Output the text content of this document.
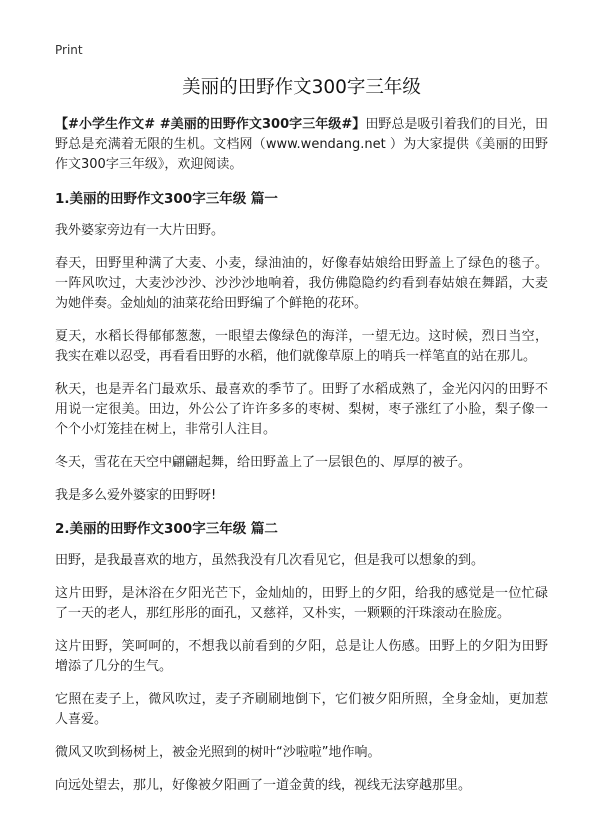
Print
美丽的田野作文300字三年级

【#小学生作文# #美丽的田野作文300字三年级#】田野总是吸引着我们的目光，田野总是充满着无限的生机。文档网（www.wendang.net ）为大家提供《美丽的田野作文300字三年级》，欢迎阅读。

1.美丽的田野作文300字三年级 篇一

我外婆家旁边有一大片田野。

春天，田野里种满了大麦、小麦，绿油油的，好像春姑娘给田野盖上了绿色的毯子。一阵风吹过，大麦沙沙沙、沙沙沙地响着，我仿佛隐隐约约看到春姑娘在舞蹈，大麦为她伴奏。金灿灿的油菜花给田野编了个鲜艳的花环。

夏天，水稻长得郁郁葱葱，一眼望去像绿色的海洋，一望无边。这时候，烈日当空，我实在难以忍受，再看看田野的水稻，他们就像草原上的哨兵一样笔直的站在那儿。

秋天，也是弄名门最欢乐、最喜欢的季节了。田野了水稻成熟了，金光闪闪的田野不用说一定很美。田边，外公公了许许多多的枣树、梨树，枣子涨红了小脸，梨子像一个个小灯笼挂在树上，非常引人注目。

冬天，雪花在天空中翩翩起舞，给田野盖上了一层银色的、厚厚的被子。

我是多么爱外婆家的田野呀!

2.美丽的田野作文300字三年级 篇二

田野，是我最喜欢的地方，虽然我没有几次看见它，但是我可以想象的到。

这片田野，是沐浴在夕阳光芒下，金灿灿的，田野上的夕阳，给我的感觉是一位忙碌了一天的老人，那红彤彤的面孔，又慈祥，又朴实，一颗颗的汗珠滚动在脸庞。

这片田野，笑呵呵的，不想我以前看到的夕阳，总是让人伤感。田野上的夕阳为田野增添了几分的生气。

它照在麦子上，微风吹过，麦子齐刷刷地倒下，它们被夕阳所照，全身金灿，更加惹人喜爱。

微风又吹到杨树上，被金光照到的树叶“沙啦啦”地作响。

向远处望去，那儿，好像被夕阳画了一道金黄的线，视线无法穿越那里。
